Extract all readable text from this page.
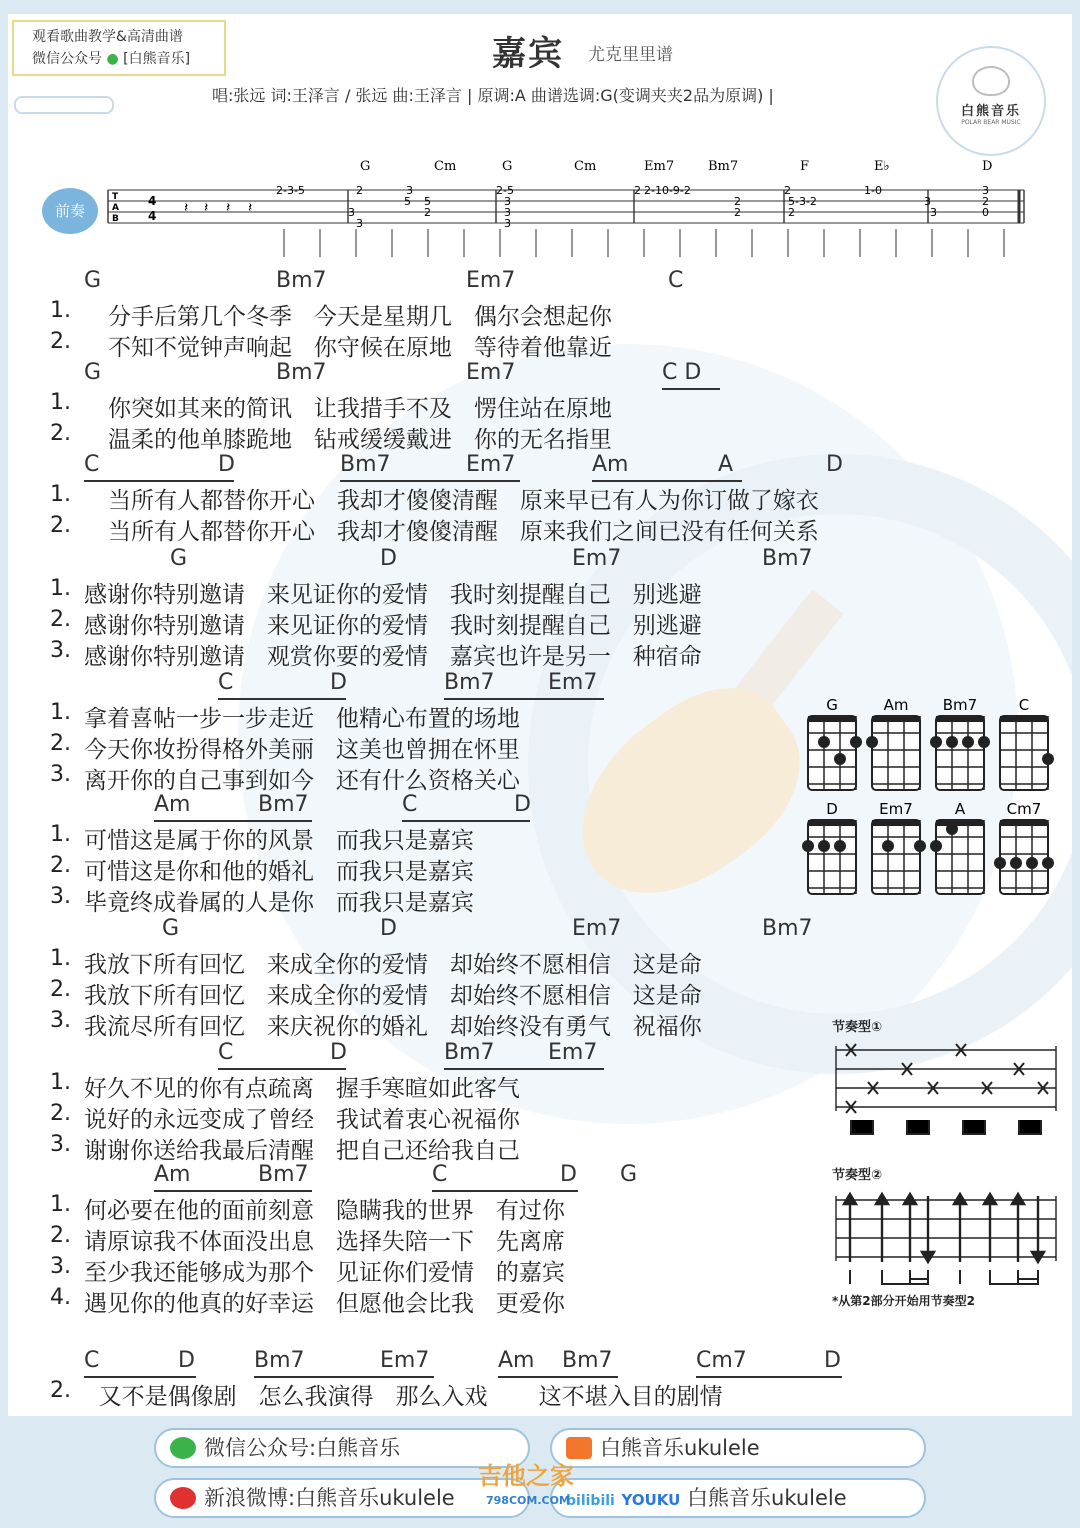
观看歌曲教学&高清曲谱
微信公众号 ● [白熊音乐]	嘉宾 尤克里里谱
唱:张远 词:王泽言 / 张远 曲:王泽言 | 原调:A 曲谱选调:G(变调夹夹2品为原调) |
白熊音乐
POLAR BEAR MUSIC
前奏
T
A
B
4
4 𝄽 𝄽 𝄽 𝄽
G	Cm	G	Cm	Em7	Bm7	F	E♭	D
2-3-5	2
5
3
3
3
5
2
2-5
3
3
3
2 2-10-9-2
2
2
2
5-3-2
2
1-0
3
3
3
2
0
G	Bm7	Em7	C
1. 分手后第几个冬季   今天是星期几   偶尔会想起你
2. 不知不觉钟声响起   你守候在原地   等待着他靠近
G	Bm7	Em7	C D
1. 你突如其来的简讯   让我措手不及   愣住站在原地
2. 温柔的他单膝跪地   钻戒缓缓戴进   你的无名指里
C	D	Bm7	Em7	Am	A	D
1. 当所有人都替你开心   我却才傻傻清醒   原来早已有人为你订做了嫁衣
2. 当所有人都替你开心   我却才傻傻清醒   原来我们之间已没有任何关系
G	D	Em7	Bm7
1. 感谢你特别邀请   来见证你的爱情   我时刻提醒自己   别逃避
2. 感谢你特别邀请   来见证你的爱情   我时刻提醒自己   别逃避
3. 感谢你特别邀请   观赏你要的爱情   嘉宾也许是另一   种宿命
C	D	Bm7 Em7
1. 拿着喜帖一步一步走近   他精心布置的场地
2. 今天你妆扮得格外美丽   这美也曾拥在怀里
3. 离开你的自己事到如今   还有什么资格关心
Am	Bm7	C	D
1. 可惜这是属于你的风景   而我只是嘉宾
2. 可惜这是你和他的婚礼   而我只是嘉宾
3. 毕竟终成眷属的人是你   而我只是嘉宾
G	D	Em7	Bm7
1. 我放下所有回忆   来成全你的爱情   却始终不愿相信   这是命
2. 我放下所有回忆   来成全你的爱情   却始终不愿相信   这是命
3. 我流尽所有回忆   来庆祝你的婚礼   却始终没有勇气   祝福你
C	D	Bm7 Em7
1. 好久不见的你有点疏离   握手寒暄如此客气
2. 说好的永远变成了曾经   我试着衷心祝福你
3. 谢谢你送给我最后清醒   把自己还给我自己
Am	Bm7	C	D G
1. 何必要在他的面前刻意   隐瞒我的世界   有过你
2. 请原谅我不体面没出息   选择失陪一下   先离席
3. 至少我还能够成为那个   见证你们爱情   的嘉宾
4. 遇见你的他真的好幸运   但愿他会比我   更爱你
C	D	Bm7	Em7	Am Bm7	Cm7	D
2. 又不是偶像剧   怎么我演得   那么入戏       这不堪入目的剧情
G	Am Bm7	C
D	Em7	A	Cm7
节奏型①
节奏型②
*从第2部分开始用节奏型2
微信公众号:白熊音乐	白熊音乐ukulele
新浪微博:白熊音乐ukulele	bilibili YOUKU 白熊音乐ukulele
吉他之家
798COM.COM
